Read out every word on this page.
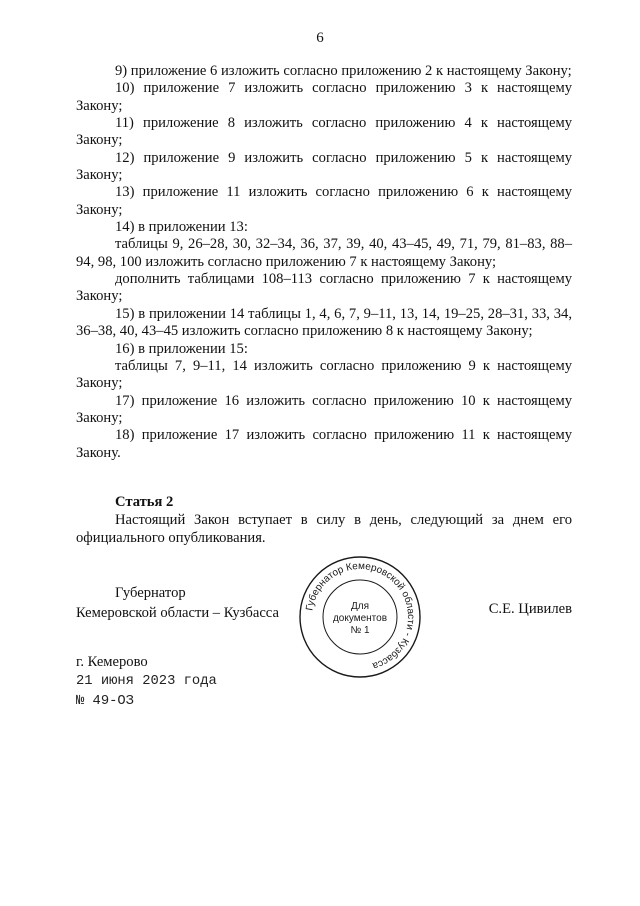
6

9) приложение 6 изложить согласно приложению 2 к настоящему Закону;

10) приложение 7 изложить согласно приложению 3 к настоящему Закону;

11) приложение 8 изложить согласно приложению 4 к настоящему Закону;

12) приложение 9 изложить согласно приложению 5 к настоящему Закону;

13) приложение 11 изложить согласно приложению 6 к настоящему Закону;

14) в приложении 13:

таблицы 9, 26–28, 30, 32–34, 36, 37, 39, 40, 43–45, 49, 71, 79, 81–83, 88–94, 98, 100 изложить согласно приложению 7 к настоящему Закону;

дополнить таблицами 108–113 согласно приложению 7 к настоящему Закону;

15) в приложении 14 таблицы 1, 4, 6, 7, 9–11, 13, 14, 19–25, 28–31, 33, 34, 36–38, 40, 43–45 изложить согласно приложению 8 к настоящему Закону;

16) в приложении 15:

таблицы 7, 9–11, 14 изложить согласно приложению 9 к настоящему Закону;

17) приложение 16 изложить согласно приложению 10 к настоящему Закону;

18) приложение 17 изложить согласно приложению 11 к настоящему Закону.

Статья 2

Настоящий Закон вступает в силу в день, следующий за днем его официального опубликования.

Губернатор
Кемеровской области – Кузбасса	С.Е. Цивилев
Губернатор Кемеровской области - Кузбасса
Для
документов
№ 1
г. Кемерово
21 июня 2023 года
№ 49-ОЗ
